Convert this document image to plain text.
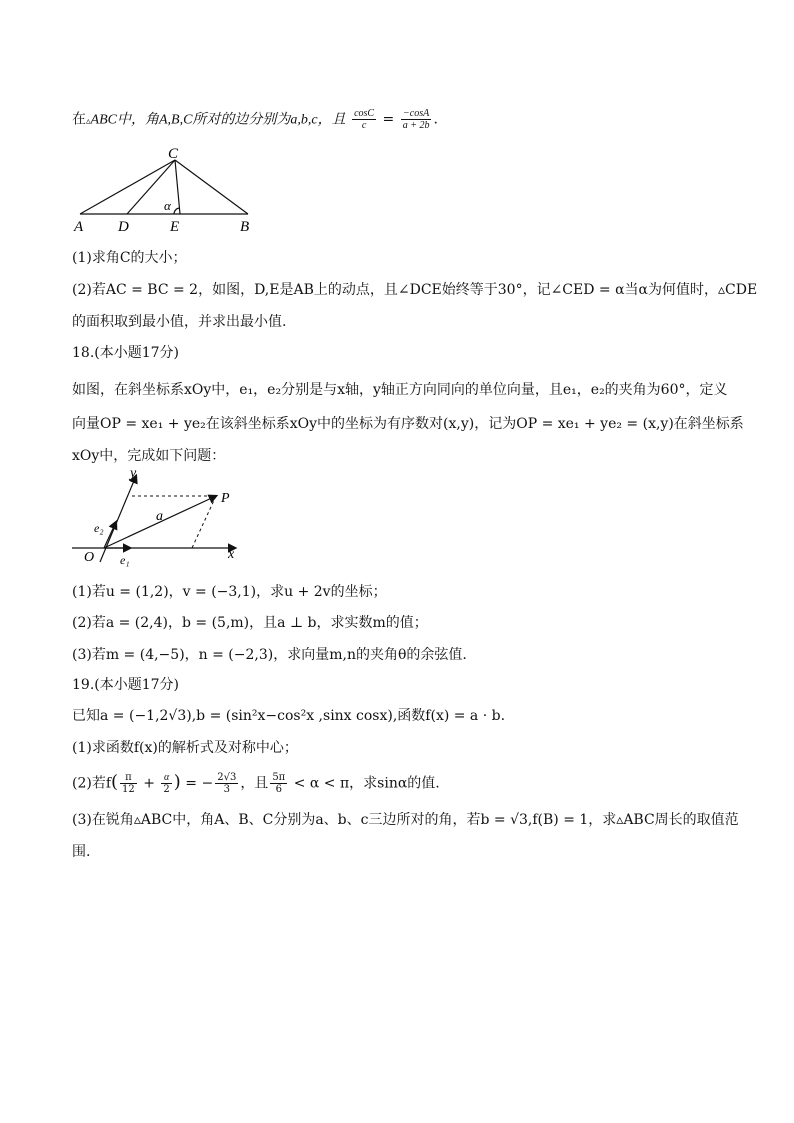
在▵ABC中，角A,B,C所对的边分别为a,b,c，且 $\frac{\cos C}{c} = \frac{-\cos A}{a + 2b}$ .
C
A D	E	B
α
(1)求角C的大小；
(2)若AC = BC = 2，如图，D,E是AB上的动点，且∠DCE始终等于30°，记∠CED = α当α为何值时，▵CDE
的面积取到最小值，并求出最小值.
18.(本小题17分)
如图，在斜坐标系xOy中，e₁，e₂分别是与x轴，y轴正方向同向的单位向量，且e₁，e₂的夹角为60°，定义
向量OP = xe₁ + ye₂在该斜坐标系xOy中的坐标为有序数对(x,y)，记为OP = xe₁ + ye₂ = (x,y)在斜坐标系
xOy中，完成如下问题：
y
x
O
P
a
e₂
e₁
(1)若u = (1,2)，v = (−3,1)，求u + 2v的坐标；
(2)若a = (2,4)，b = (5,m)，且a ⊥ b，求实数m的值；
(3)若m = (4,−5)，n = (−2,3)，求向量m,n的夹角θ的余弦值.
19.(本小题17分)
已知a = (−1,2√3),b = (sin²x−cos²x ,sinx cosx),函数f(x) = a · b.
(1)求函数f(x)的解析式及对称中心；
(2)若$f( \frac{\pi}{12} + \frac{\alpha}{2}$ ) = − $\frac{2√3}{3}$ ，且 $\frac{5\pi}{6} < \alpha < \pi$，求sinα的值.
(3)在锐角▵ABC中，角A、B、C分别为a、b、c三边所对的角，若b = √3,f(B) = 1，求▵ABC周长的取值范
围.
